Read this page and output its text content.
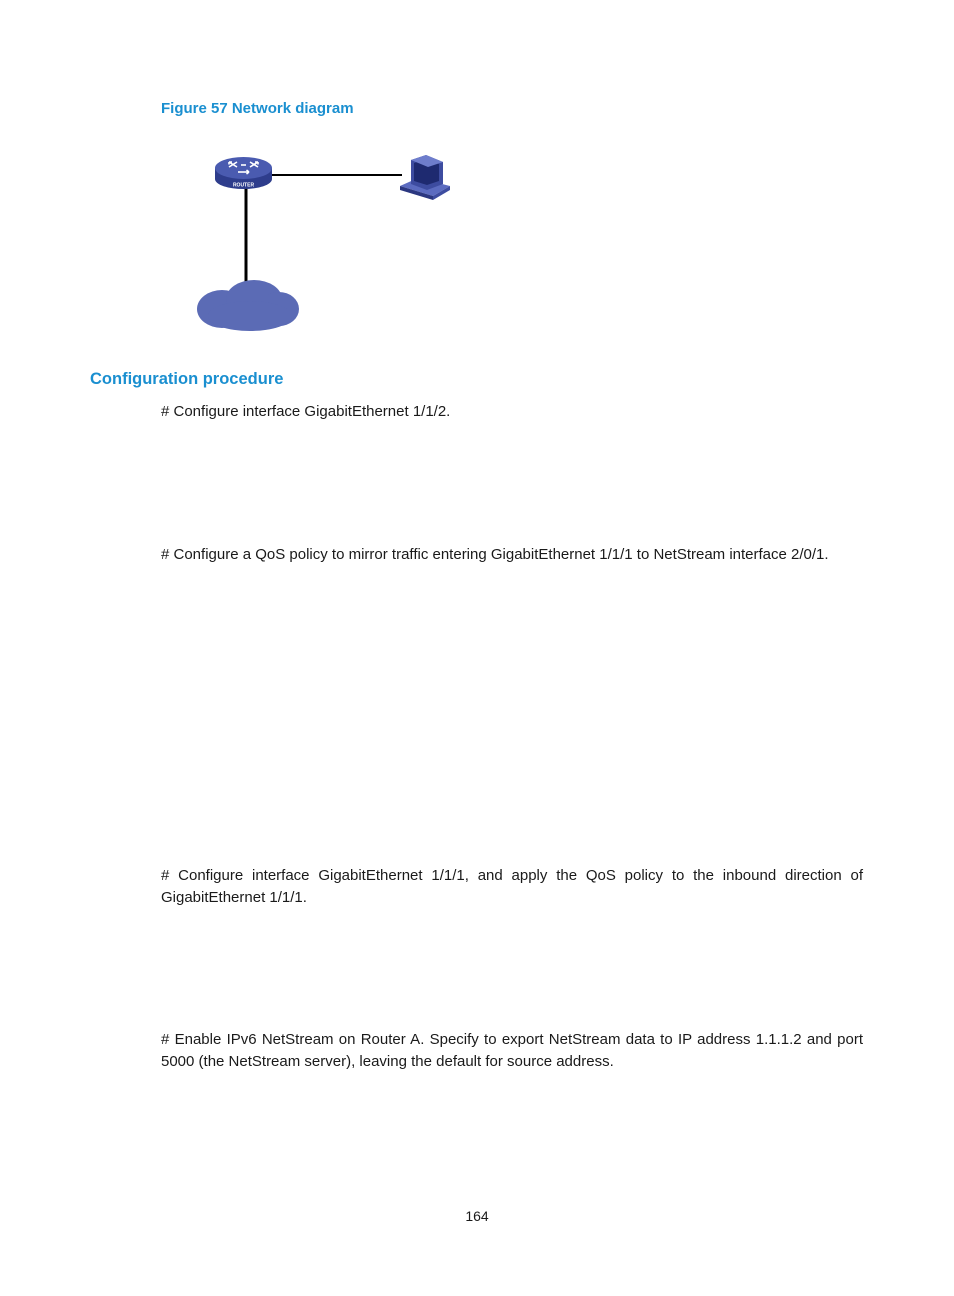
Figure 57 Network diagram
ROUTER
Configuration procedure
# Configure interface GigabitEthernet 1/1/2.
# Configure a QoS policy to mirror traffic entering GigabitEthernet 1/1/1 to NetStream interface 2/0/1.
# Configure interface GigabitEthernet 1/1/1, and apply the QoS policy to the inbound direction of GigabitEthernet 1/1/1.
# Enable IPv6 NetStream on Router A. Specify to export NetStream data to IP address 1.1.1.2 and port 5000 (the NetStream server), leaving the default for source address.
164
